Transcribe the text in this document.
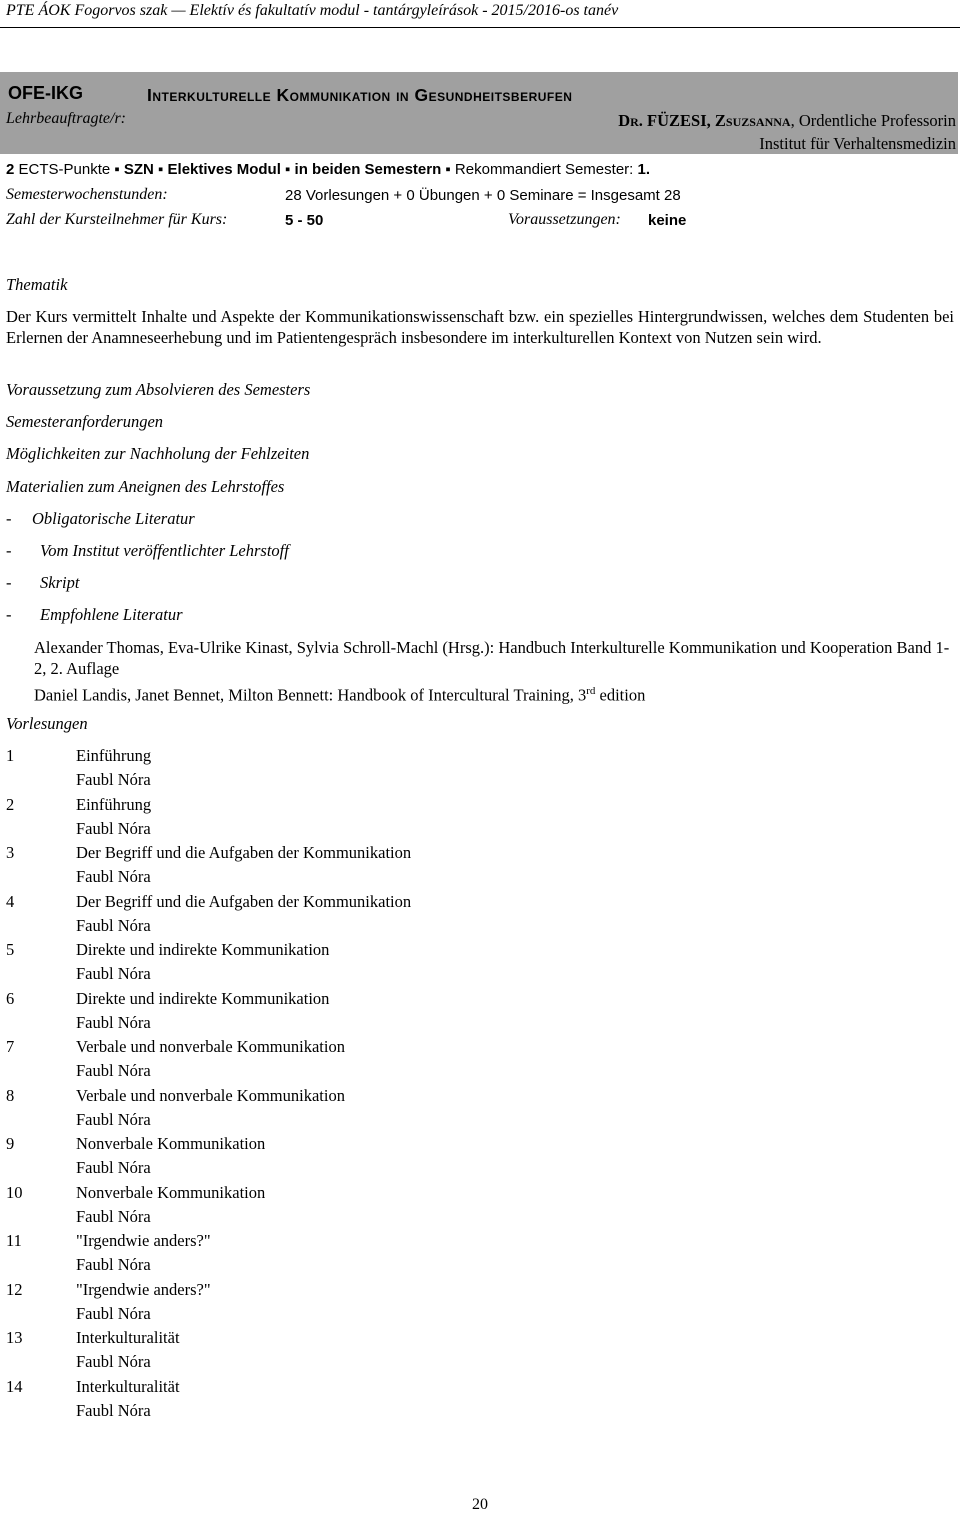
PTE ÁOK Fogorvos szak — Elektív és fakultatív modul - tantárgyleírások - 2015/2016-os tanév
OFE-IKG	Interkulturelle Kommunikation in Gesundheitsberufen
Lehrbeauftragte/r:	Dr. FÜZESI, Zsuzsanna, Ordentliche Professorin
Institut für Verhaltensmedizin
2 ECTS-Punkte ▪ SZN ▪ Elektives Modul ▪ in beiden Semestern ▪ Rekommandiert Semester: 1.
Semesterwochenstunden:	28 Vorlesungen + 0 Übungen + 0 Seminare = Insgesamt 28
Zahl der Kursteilnehmer für Kurs:	5 - 50	Voraussetzungen: keine
Thematik
Der Kurs vermittelt Inhalte und Aspekte der Kommunikationswissenschaft bzw. ein spezielles Hintergrundwissen, welches dem Studenten bei Erlernen der Anamneseerhebung und im Patientengespräch insbesondere im interkulturellen Kontext von Nutzen sein wird.
Voraussetzung zum Absolvieren des Semesters
Semesteranforderungen
Möglichkeiten zur Nachholung der Fehlzeiten
Materialien zum Aneignen des Lehrstoffes
- Obligatorische Literatur
- Vom Institut veröffentlichter Lehrstoff
- Skript
- Empfohlene Literatur
Alexander Thomas, Eva-Ulrike Kinast, Sylvia Schroll-Machl (Hrsg.): Handbuch Interkulturelle Kommunikation und Kooperation Band 1-2, 2. Auflage
Daniel Landis, Janet Bennet, Milton Bennett: Handbook of Intercultural Training, 3rd edition
Vorlesungen
1	Einführung
Faubl Nóra
2	Einführung
Faubl Nóra
3	Der Begriff und die Aufgaben der Kommunikation
Faubl Nóra
4	Der Begriff und die Aufgaben der Kommunikation
Faubl Nóra
5	Direkte und indirekte Kommunikation
Faubl Nóra
6	Direkte und indirekte Kommunikation
Faubl Nóra
7	Verbale und nonverbale Kommunikation
Faubl Nóra
8	Verbale und nonverbale Kommunikation
Faubl Nóra
9	Nonverbale Kommunikation
Faubl Nóra
10	Nonverbale Kommunikation
Faubl Nóra
11	"Irgendwie anders?"
Faubl Nóra
12	"Irgendwie anders?"
Faubl Nóra
13	Interkulturalität
Faubl Nóra
14	Interkulturalität
Faubl Nóra
20
